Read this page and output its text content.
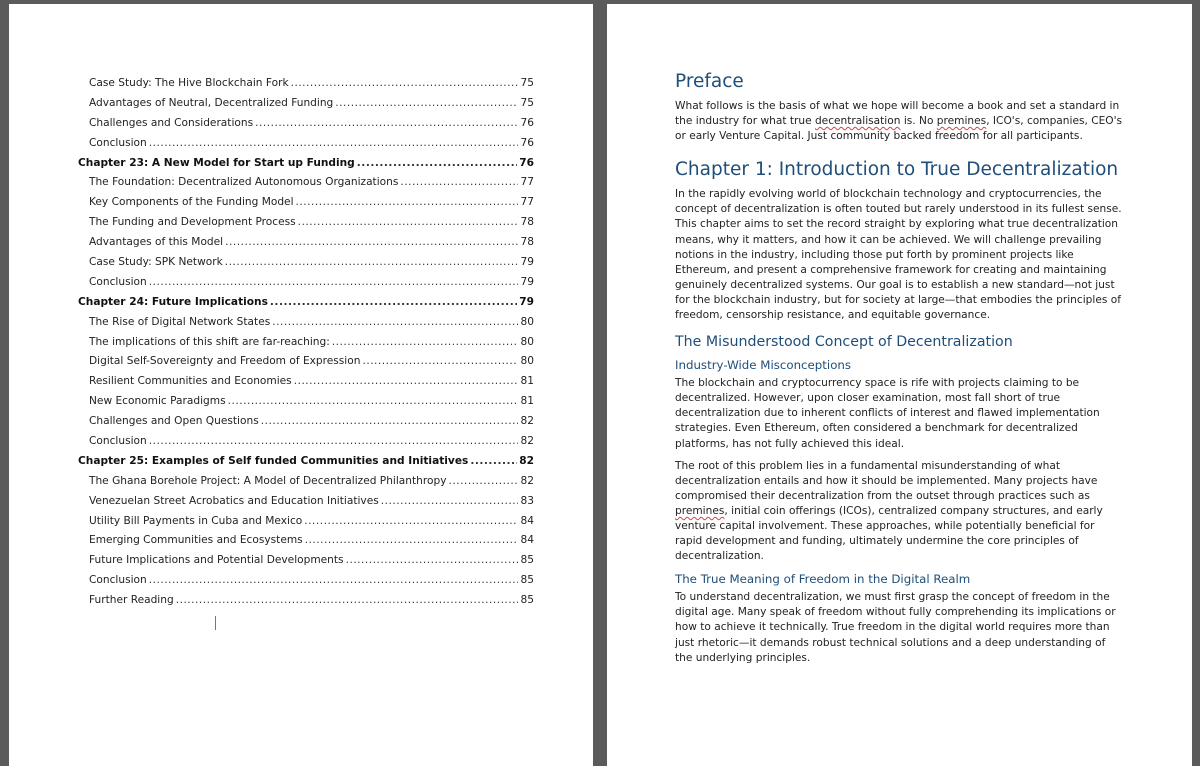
Case Study: The Hive Blockchain Fork .....	75
Advantages of Neutral, Decentralized Funding .....	75
Challenges and Considerations .....	76
Conclusion .....	76
Chapter 23: A New Model for Start up Funding .....	76
The Foundation: Decentralized Autonomous Organizations .....	77
Key Components of the Funding Model .....	77
The Funding and Development Process .....	78
Advantages of this Model .....	78
Case Study: SPK Network .....	79
Conclusion .....	79
Chapter 24: Future Implications .....	79
The Rise of Digital Network States .....	80
The implications of this shift are far-reaching: .....	80
Digital Self-Sovereignty and Freedom of Expression .....	80
Resilient Communities and Economies .....	81
New Economic Paradigms .....	81
Challenges and Open Questions .....	82
Conclusion .....	82
Chapter 25: Examples of Self funded Communities and Initiatives .....	82
The Ghana Borehole Project: A Model of Decentralized Philanthropy .....	82
Venezuelan Street Acrobatics and Education Initiatives .....	83
Utility Bill Payments in Cuba and Mexico .....	84
Emerging Communities and Ecosystems .....	84
Future Implications and Potential Developments .....	85
Conclusion .....	85
Further Reading .....	85
Preface

What follows is the basis of what we hope will become a book and set a standard in the industry for what true decentralisation is. No premines, ICO's, companies, CEO's or early Venture Capital. Just community backed freedom for all participants.

Chapter 1: Introduction to True Decentralization

In the rapidly evolving world of blockchain technology and cryptocurrencies, the concept of decentralization is often touted but rarely understood in its fullest sense. This chapter aims to set the record straight by exploring what true decentralization means, why it matters, and how it can be achieved. We will challenge prevailing notions in the industry, including those put forth by prominent projects like Ethereum, and present a comprehensive framework for creating and maintaining genuinely decentralized systems. Our goal is to establish a new standard—not just for the blockchain industry, but for society at large—that embodies the principles of freedom, censorship resistance, and equitable governance.

The Misunderstood Concept of Decentralization
Industry-Wide Misconceptions

The blockchain and cryptocurrency space is rife with projects claiming to be decentralized. However, upon closer examination, most fall short of true decentralization due to inherent conflicts of interest and flawed implementation strategies. Even Ethereum, often considered a benchmark for decentralized platforms, has not fully achieved this ideal.

The root of this problem lies in a fundamental misunderstanding of what decentralization entails and how it should be implemented. Many projects have compromised their decentralization from the outset through practices such as premines, initial coin offerings (ICOs), centralized company structures, and early venture capital involvement. These approaches, while potentially beneficial for rapid development and funding, ultimately undermine the core principles of decentralization.

The True Meaning of Freedom in the Digital Realm

To understand decentralization, we must first grasp the concept of freedom in the digital age. Many speak of freedom without fully comprehending its implications or how to achieve it technically. True freedom in the digital world requires more than just rhetoric—it demands robust technical solutions and a deep understanding of the underlying principles.
